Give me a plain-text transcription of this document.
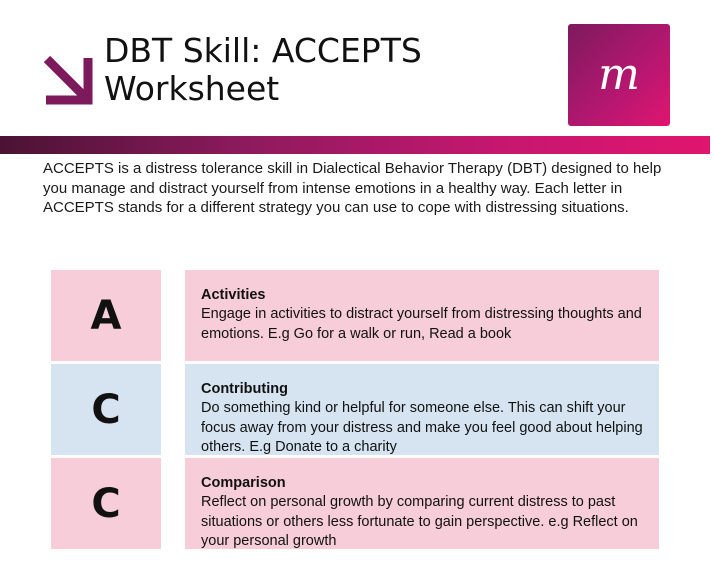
DBT Skill: ACCEPTS
Worksheet	m
ACCEPTS is a distress tolerance skill in Dialectical Behavior Therapy (DBT) designed to help you manage and distract yourself from intense emotions in a healthy way. Each letter in ACCEPTS stands for a different strategy you can use to cope with distressing situations.
A	Activities
Engage in activities to distract yourself from distressing thoughts and emotions. E.g Go for a walk or run, Read a book
C	Contributing
Do something kind or helpful for someone else. This can shift your focus away from your distress and make you feel good about helping others. E.g Donate to a charity
C	Comparison
Reflect on personal growth by comparing current distress to past situations or others less fortunate to gain perspective. e.g Reflect on your personal growth
